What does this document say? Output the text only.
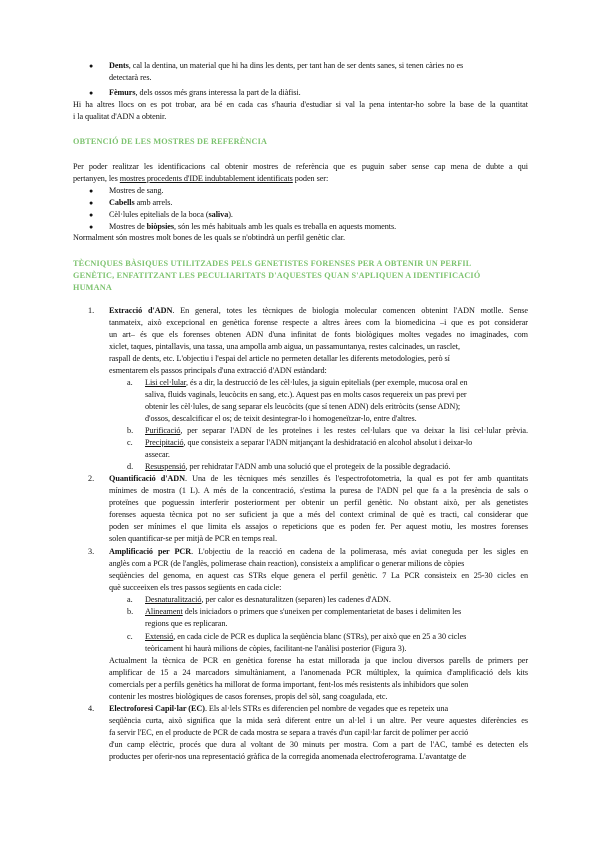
Dents, cal la dentina, un material que hi ha dins les dents, per tant han de ser dents sanes, si tenen càries no es
detectarà res.
Fèmurs, dels ossos més grans interessa la part de la diàfisi.
Hi ha altres llocs on es pot trobar, ara bé en cada cas s'hauria d'estudiar si val la pena intentar-ho sobre la base de la quantitat
i la qualitat d'ADN a obtenir.
Per poder realitzar les identificacions cal obtenir mostres de referència que es puguin saber sense cap mena de dubte a qui
pertanyen, les mostres procedents d'IDE indubtablement identificats poden ser:
Mostres de sang.
Cabells amb arrels.
Cèl·lules epitelials de la boca (saliva).
Mostres de biòpsies, són les més habituals amb les quals es treballa en aquests moments.
Normalment són mostres molt bones de les quals se n'obtindrà un perfil genètic clar.
Extracció d'ADN. En general, totes les tècniques de biologia molecular comencen obtenint l'ADN motlle. Sense
tanmateix, això excepcional en genètica forense respecte a altres àrees com la biomedicina –i que es pot considerar
un art– és que els forenses obtenen ADN d'una infinitat de fonts biològiques moltes vegades no imaginades, com
xiclet, taques, pintallavis, una tassa, una ampolla amb aigua, un passamuntanya, restes calcinades, un rasclet,
raspall de dents, etc. L'objectiu i l'espai del article no permeten detallar les diferents metodologies, però sí
esmentarem els passos principals d'una extracció d'ADN estàndard:
Lisi cel·lular, és a dir, la destrucció de les cèl·lules, ja siguin epitelials (per exemple, mucosa oral en
saliva, fluids vaginals, leucòcits en sang, etc.). Aquest pas en molts casos requereix un pas previ per
obtenir les cèl·lules, de sang separar els leucòcits (que sí tenen ADN) dels eritròcits (sense ADN);
d'ossos, descalcificar el os; de teixit desintegrar-lo i homogeneïtzar-lo, entre d'altres.
Purificació, per separar l'ADN de les proteïnes i les restes cel·lulars que va deixar la lisi cel·lular prèvia.
Precipitació, que consisteix a separar l'ADN mitjançant la deshidratació en alcohol absolut i deixar-lo
assecar.
Resuspensió, per rehidratar l'ADN amb una solució que el protegeix de la possible degradació.
Quantificació d'ADN. Una de les tècniques més senzilles és l'espectrofotometria, la qual es pot fer amb quantitats
mínimes de mostra (1 L). A més de la concentració, s'estima la puresa de l'ADN pel que fa a la presència de sals o
proteïnes que poguessin interferir posteriorment per obtenir un perfil genètic. No obstant això, per als genetistes
forenses aquesta tècnica pot no ser suficient ja que a més del context criminal de què es tracti, cal considerar que
poden ser mínimes el que limita els assajos o repeticions que es poden fer. Per aquest motiu, les mostres forenses
solen quantificar-se per mitjà de PCR en temps real.
Amplificació per PCR. L'objectiu de la reacció en cadena de la polimerasa, més aviat coneguda per les sigles en
anglès com a PCR (de l'anglès, polimerase chain reaction), consisteix a amplificar o generar milions de còpies
seqüències del genoma, en aquest cas STRs elque genera el perfil genètic. 7 La PCR consisteix en 25-30 cicles en
què succeeixen els tres passos següents en cada cicle:
Desnaturalització, per calor es desnaturalitzen (separen) les cadenes d'ADN.
Alineament dels iniciadors o primers que s'uneixen per complementarietat de bases i delimiten les
regions que es replicaran.
Extensió, en cada cicle de PCR es duplica la seqüència blanc (STRs), per això que en 25 a 30 cicles
teòricament hi haurà milions de còpies, facilitant-ne l'anàlisi posterior (Figura 3).
Actualment la tècnica de PCR en genètica forense ha estat millorada ja que inclou diversos parells de primers per
amplificar de 15 a 24 marcadors simultàniament, a l'anomenada PCR múltiplex, la química d'amplificació dels kits
comercials per a perfils genètics ha millorat de forma important, fent-los més resistents als inhibidors que solen
contenir les mostres biològiques de casos forenses, propis del sòl, sang coagulada, etc.
Electroforesi Capil·lar (EC). Els al·lels STRs es diferencien pel nombre de vegades que es repeteix una
seqüència curta, això significa que la mida serà diferent entre un al·lel i un altre. Per veure aquestes diferències es
fa servir l'EC, en el producte de PCR de cada mostra se separa a través d'un capil·lar farcit de polímer per acció
d'un camp elèctric, procés que dura al voltant de 30 minuts per mostra. Com a part de l'AC, també es detecten els
productes per oferir-nos una representació gràfica de la corregida anomenada electroferograma. L'avantatge de
OBTENCIÓ DE LES MOSTRES DE REFERÈNCIA
TÈCNIQUES BÀSIQUES UTILITZADES PELS GENETISTES FORENSES PER A OBTENIR UN PERFIL
GENÈTIC, ENFATITZANT LES PECULIARITATS D'AQUESTES QUAN S'APLIQUEN A IDENTIFICACIÓ
HUMANA
●
●
●
●
●
●
1.
2.
3.
4.
a.
b.
c.
d.
a.
b.
c.
